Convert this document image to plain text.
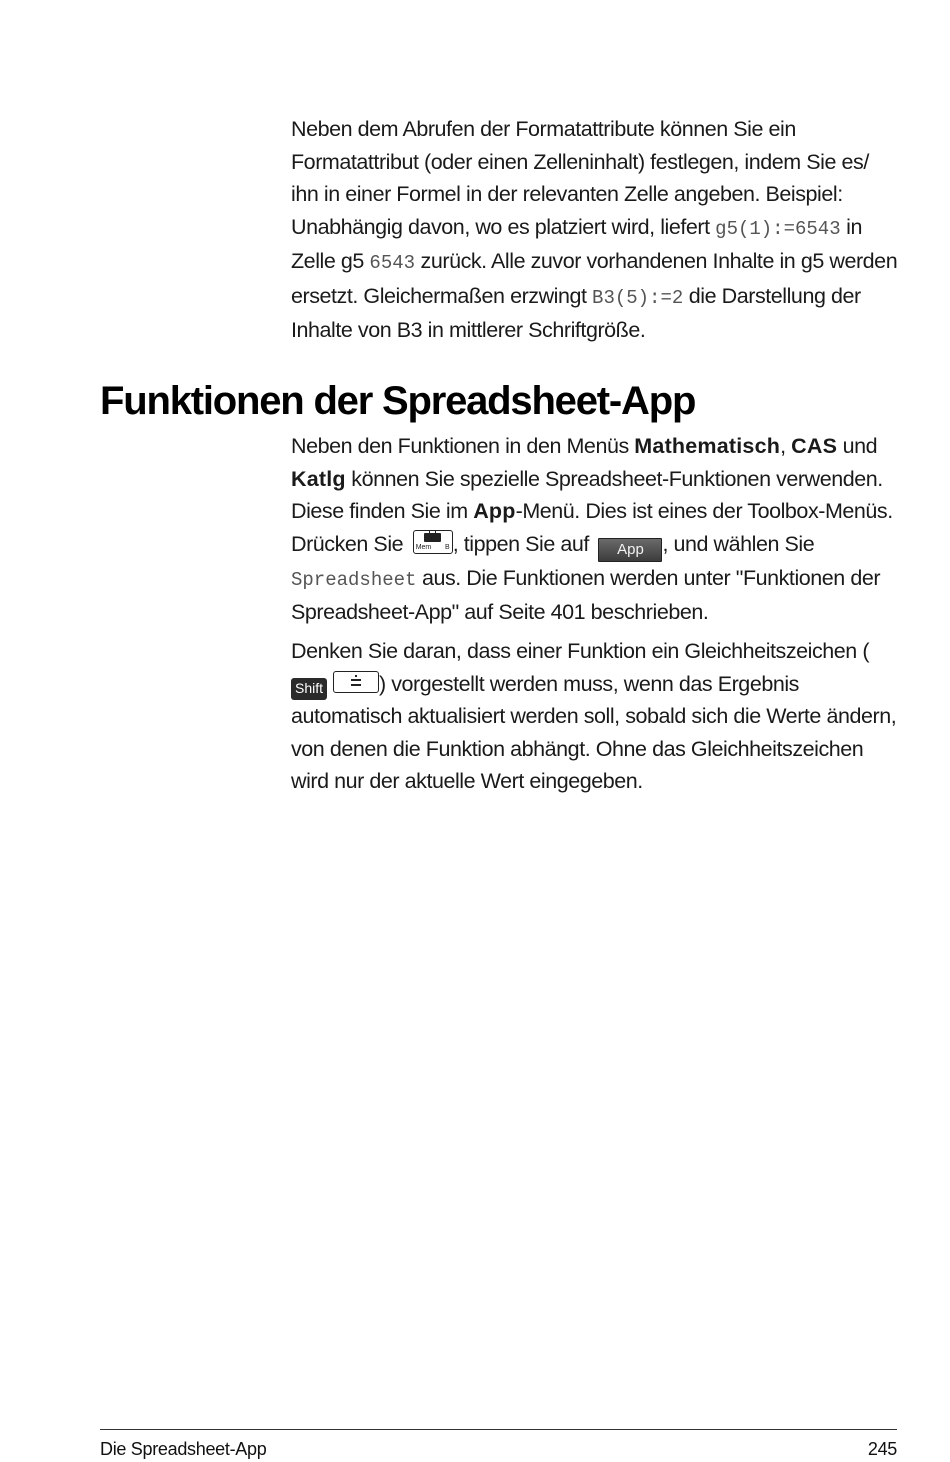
Neben dem Abrufen der Formatattribute können Sie ein Formatattribut (oder einen Zelleninhalt) festlegen, indem Sie es/ ihn in einer Formel in der relevanten Zelle angeben. Beispiel: Unabhängig davon, wo es platziert wird, liefert g5(1):=6543 in Zelle g5 6543 zurück. Alle zuvor vorhandenen Inhalte in g5 werden ersetzt. Gleichermaßen erzwingt B3(5):=2 die Darstellung der Inhalte von B3 in mittlerer Schriftgröße.

Funktionen der Spreadsheet-App

Neben den Funktionen in den Menüs Mathematisch, CAS und Katlg können Sie spezielle Spreadsheet-Funktionen verwenden. Diese finden Sie im App-Menü. Dies ist eines der Toolbox-Menüs. Drücken Sie Mem B , tippen Sie auf App , und wählen Sie Spreadsheet aus. Die Funktionen werden unter "Funktionen der Spreadsheet-App" auf Seite 401 beschrieben.

Denken Sie daran, dass einer Funktion ein Gleichheitszeichen (Shift	) vorgestellt werden muss, wenn das Ergebnis automatisch aktualisiert werden soll, sobald sich die Werte ändern, von denen die Funktion abhängt. Ohne das Gleichheitszeichen wird nur der aktuelle Wert eingegeben.

Die Spreadsheet-App	245
